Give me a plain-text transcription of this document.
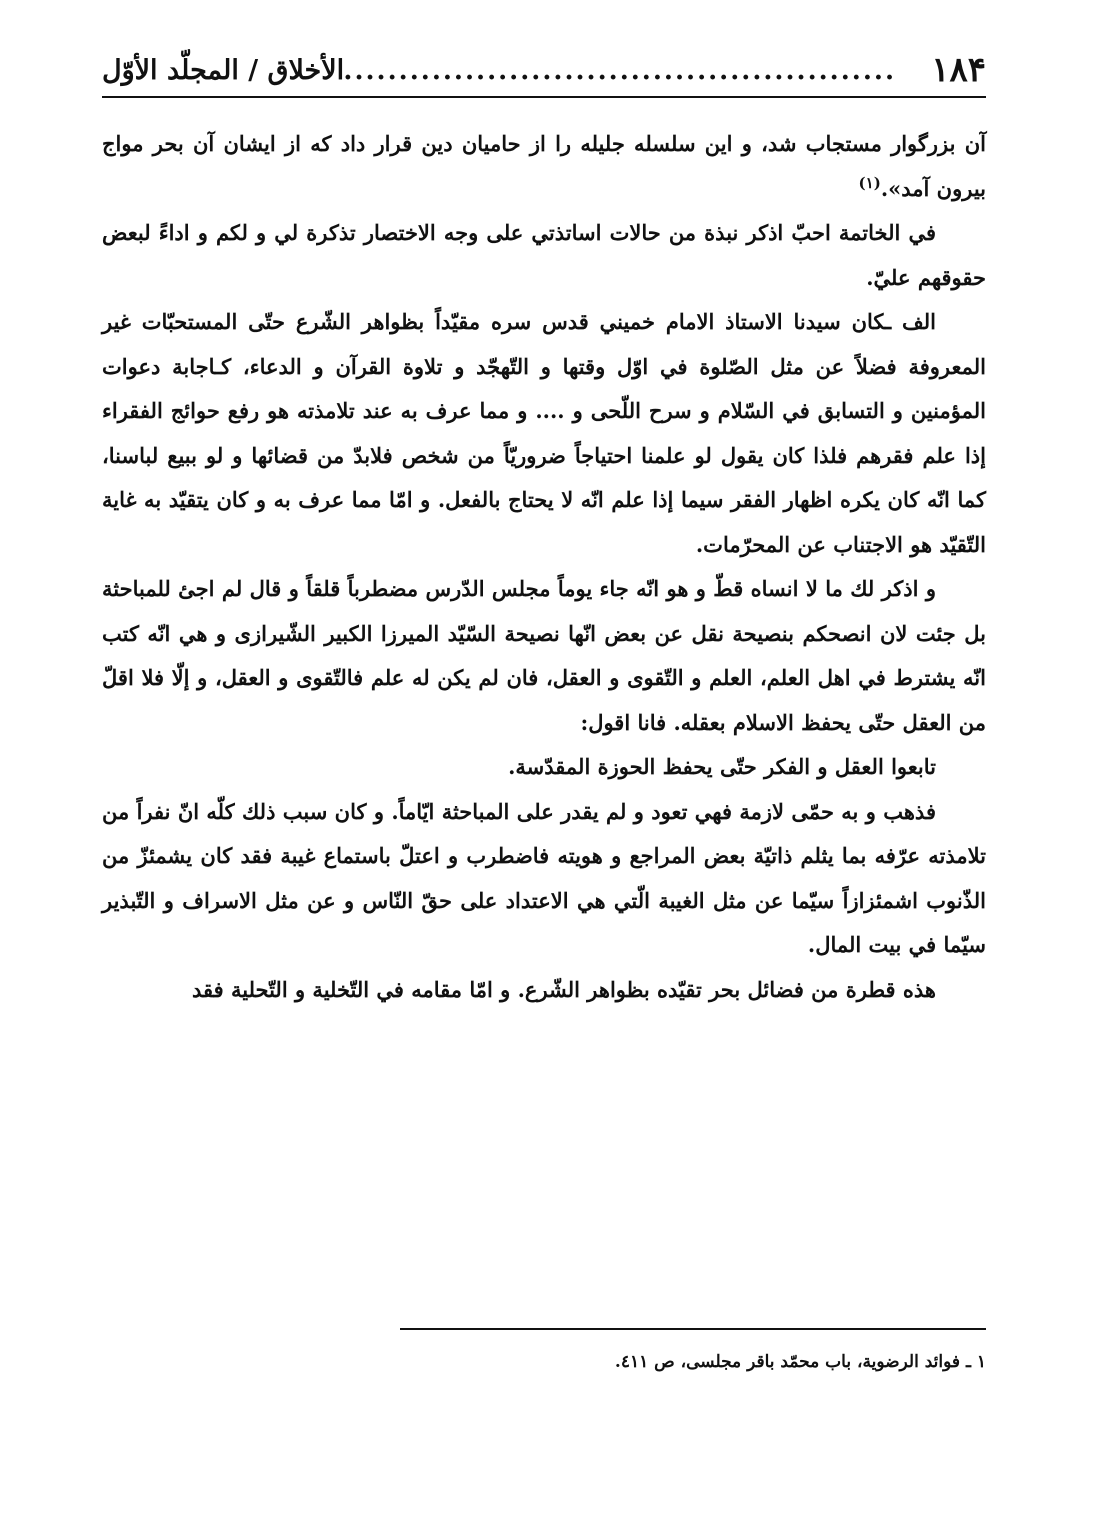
١٨۴
..................................................
الأخلاق / المجلّد الأوّل

آن بزرگوار مستجاب شد، و اين سلسله جليله را از حاميان دين قرار داد که از ايشان آن بحر مواج بيرون آمد».$^{(١)}$

في الخاتمة احبّ اذكر نبذة من حالات اساتذتي على وجه الاختصار تذكرة لي و لكم و اداءً لبعض حقوقهم عليّ.

الف ـكان سيدنا الاستاذ الامام خميني قدس سره مقيّداً بظواهر الشّرع حتّى المستحبّات غير المعروفة فضلاً عن مثل الصّلوة في اوّل وقتها و التّهجّد و تلاوة القرآن و الدعاء، كـاجابة دعوات المؤمنين و التسابق في السّلام و سرح اللّحى و .... و مما عرف به عند تلامذته هو رفع حوائج الفقراء إذا علم فقرهم فلذا كان يقول لو علمنا احتياجاً ضروريّاً من شخص فلابدّ من قضائها و لو ببيع لباسنا، كما انّه كان يكره اظهار الفقر سيما إذا علم انّه لا يحتاج بالفعل. و امّا مما عرف به و كان يتقيّد به غاية التّقيّد هو الاجتناب عن المحرّمات.

و اذكر لك ما لا انساه قطّ و هو انّه جاء يوماً مجلس الدّرس مضطرباً قلقاً و قال لم اجئ للمباحثة بل جئت لان انصحكم بنصيحة نقل عن بعض انّها نصيحة السّيّد الميرزا الكبير الشّيرازى و هي انّه كتب انّه يشترط في اهل العلم، العلم و التّقوى و العقل، فان لم يكن له علم فالتّقوى و العقل، و إلّا فلا اقلّ من العقل حتّى يحفظ الاسلام بعقله. فانا اقول:

تابعوا العقل و الفكر حتّى يحفظ الحوزة المقدّسة.

فذهب و به حمّى لازمة فهي تعود و لم يقدر على المباحثة ايّاماً. و كان سبب ذلك كلّه انّ نفراً من تلامذته عرّفه بما يثلم ذاتيّة بعض المراجع و هويته فاضطرب و اعتلّ باستماع غيبة فقد كان يشمئزّ من الذّنوب اشمئزازاً سيّما عن مثل الغيبة الّتي هي الاعتداد على حقّ النّاس و عن مثل الاسراف و التّبذير سيّما في بيت المال.

هذه قطرة من فضائل بحر تقيّده بظواهر الشّرع. و امّا مقامه في التّخلية و التّحلية فقد

١ ـ فوائد الرضوية، باب محمّد باقر مجلسى، ص ٤١١.
